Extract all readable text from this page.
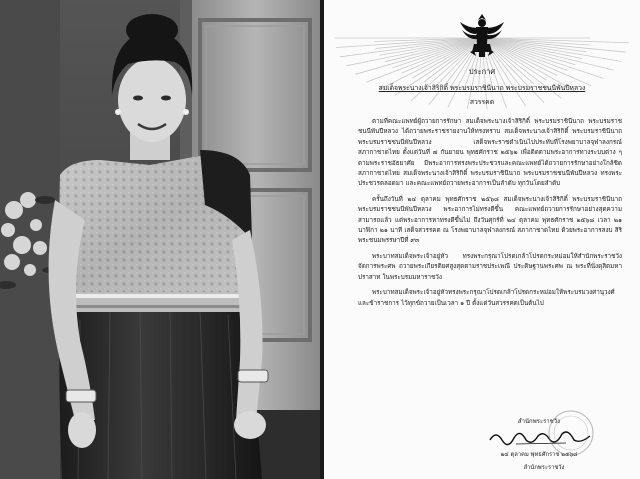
ประกาศ
สมเด็จพระนางเจ้าสิริกิติ์ พระบรมราชินีนาถ พระบรมราชชนนีพันปีหลวง
สวรรคต

ตามที่คณะแพทย์ผู้ถวายการรักษา สมเด็จพระนางเจ้าสิริกิติ์ พระบรมราชินีนาถ พระบรมราชชนนีพันปีหลวง ได้ถวายพระราชรายงานให้ทรงทราบ สมเด็จพระนางเจ้าสิริกิติ์ พระบรมราชินีนาถ พระบรมราชชนนีพันปีหลวง เสด็จพระราชดำเนินไปประทับที่โรงพยาบาลจุฬาลงกรณ์ สภากาชาดไทย ตั้งแต่วันที่ ๗ กันยายน พุทธศักราช ๒๕๖๒ เพื่อติดตามพระอาการทางระบบต่าง ๆ ตามพระราชอัธยาศัย มีพระอาการทรงพระประชวรและคณะแพทย์ได้ถวายการรักษาอย่างใกล้ชิด สภากาชาดไทย สมเด็จพระนางเจ้าสิริกิติ์ พระบรมราชินีนาถ พระบรมราชชนนีพันปีหลวง ทรงพระประชวรตลอดมา และคณะแพทย์ถวายพระอาการเป็นลำดับ ทุกวันโดยลำดับ

ครั้นถึงวันที่ ๒๔ ตุลาคม พุทธศักราช ๒๕๖๘ สมเด็จพระนางเจ้าสิริกิติ์ พระบรมราชินีนาถ พระบรมราชชนนีพันปีหลวง พระอาการไม่ทรงดีขึ้น คณะแพทย์ถวายการรักษาอย่างสุดความสามารถแล้ว แต่พระอาการหาทรงดีขึ้นไม่ ถึงวันศุกร์ที่ ๒๔ ตุลาคม พุทธศักราช ๒๕๖๘ เวลา ๒๑ นาฬิกา ๒๑ นาที เสด็จสวรรคต ณ โรงพยาบาลจุฬาลงกรณ์ สภากาชาดไทย ด้วยพระอาการสงบ สิริพระชนมพรรษาปีที่ ๙๓

พระบาทสมเด็จพระเจ้าอยู่หัว ทรงพระกรุณาโปรดเกล้าโปรดกระหม่อมให้สำนักพระราชวัง จัดการพระศพ ถวายพระเกียรติยศสูงสุดตามราชประเพณี ประดิษฐานพระศพ ณ พระที่นั่งดุสิตมหาปราสาท ในพระบรมมหาราชวัง

พระบาทสมเด็จพระเจ้าอยู่หัวทรงพระกรุณาโปรดเกล้าโปรดกระหม่อมให้พระบรมวงศานุวงศ์ และข้าราชการ ไว้ทุกข์ถวายเป็นเวลา ๑ ปี ตั้งแต่วันสวรรคตเป็นต้นไป

สำนักพระราชวัง
๒๔ ตุลาคม พุทธศักราช ๒๕๖๘
สำนักพระราชวัง
